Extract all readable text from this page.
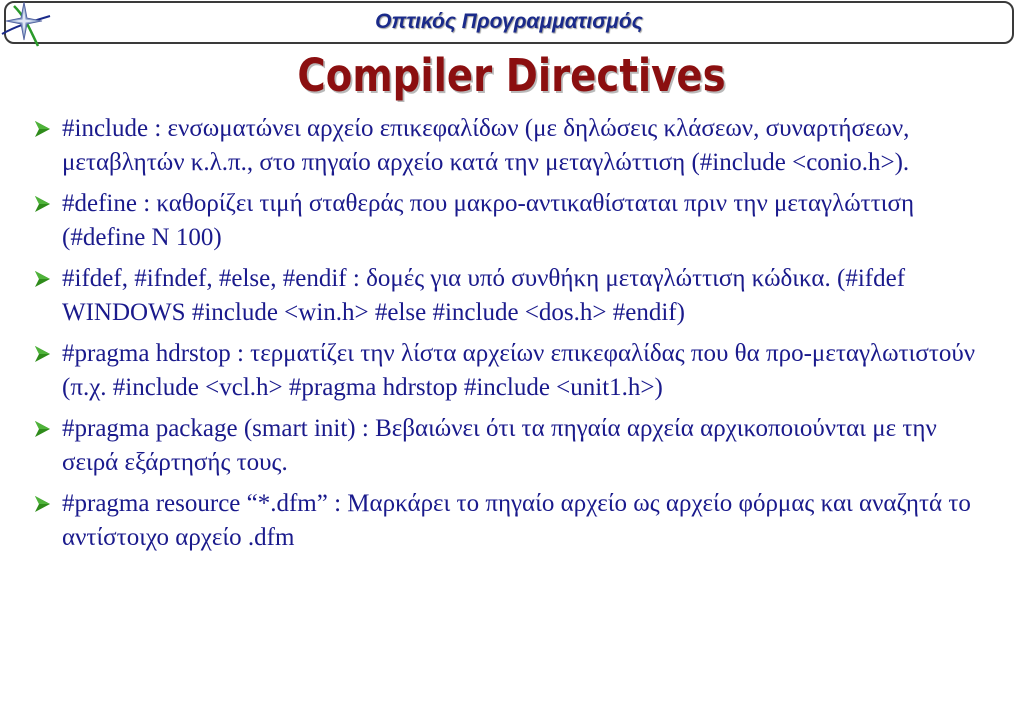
Οπτικός Προγραμματισμός
Compiler Directives
#include : ενσωματώνει αρχείο επικεφαλίδων (με δηλώσεις κλάσεων, συναρτήσεων, μεταβλητών κ.λ.π., στο πηγαίο αρχείο κατά την μεταγλώττιση (#include <conio.h>).
#define : καθορίζει τιμή σταθεράς που μακρο-αντικαθίσταται πριν την μεταγλώττιση (#define N 100)
#ifdef, #ifndef, #else, #endif : δομές για υπό συνθήκη μεταγλώττιση κώδικα. (#ifdef WINDOWS #include <win.h> #else #include <dos.h> #endif)
#pragma hdrstop : τερματίζει την λίστα αρχείων επικεφαλίδας που θα προ-μεταγλωτιστούν (π.χ. #include <vcl.h> #pragma hdrstop #include <unit1.h>)
#pragma package (smart init) : Βεβαιώνει ότι τα πηγαία αρχεία αρχικοποιούνται με την σειρά εξάρτησής τους.
#pragma resource “*.dfm” : Μαρκάρει το πηγαίο αρχείο ως αρχείο φόρμας και αναζητά το αντίστοιχο αρχείο .dfm
